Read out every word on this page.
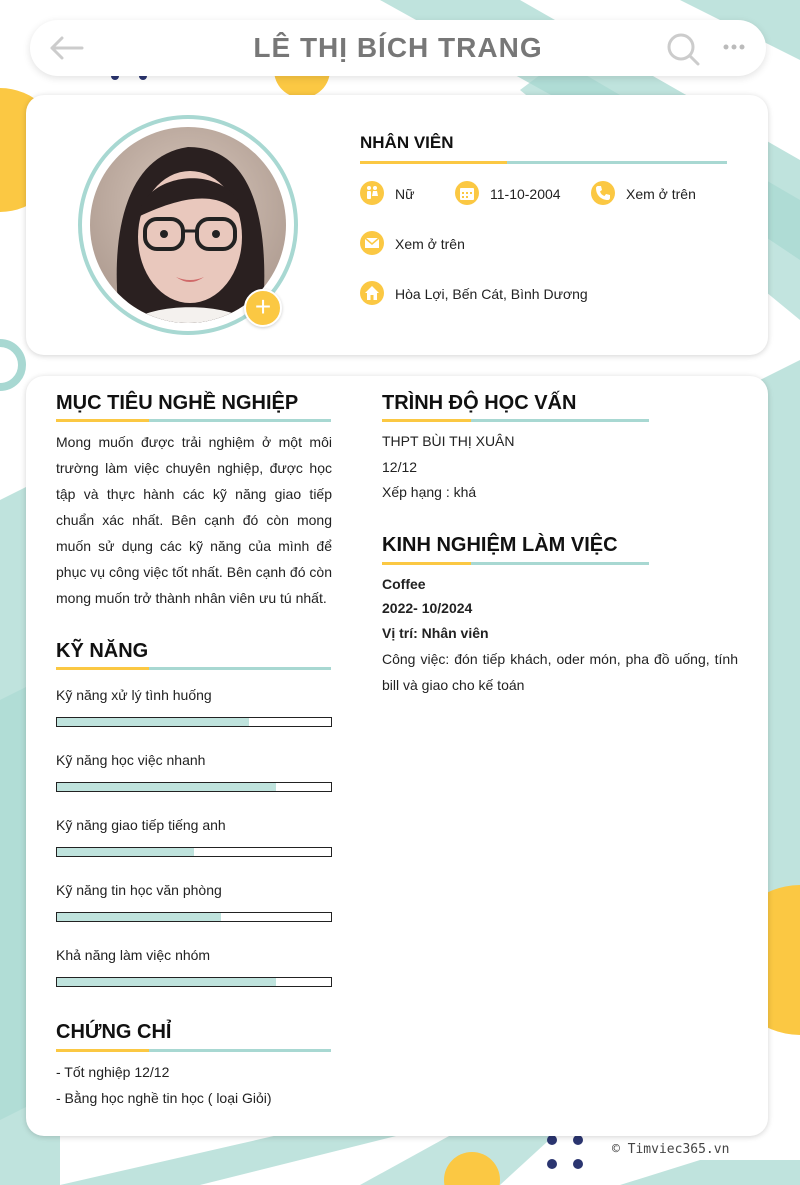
LÊ THỊ BÍCH TRANG
+
NHÂN VIÊN
Nữ	11-10-2004	Xem ở trên
Xem ở trên
Hòa Lợi, Bến Cát, Bình Dương
MỤC TIÊU NGHỀ NGHIỆP
Mong muốn được trải nghiệm ở một môi trường làm việc chuyên nghiệp, được học tập và thực hành các kỹ năng giao tiếp chuẩn xác nhất. Bên cạnh đó còn mong muốn sử dụng các kỹ năng của mình để phục vụ công việc tốt nhất. Bên cạnh đó còn mong muốn trở thành nhân viên ưu tú nhất.
KỸ NĂNG
Kỹ năng xử lý tình huống
Kỹ năng học việc nhanh
Kỹ năng giao tiếp tiếng anh
Kỹ năng tin học văn phòng
Khả năng làm việc nhóm
CHỨNG CHỈ
- Tốt nghiệp 12/12
- Bằng học nghề tin học ( loại Giỏi)
TRÌNH ĐỘ HỌC VẤN
THPT BÙI THỊ XUÂN
12/12
Xếp hạng : khá
KINH NGHIỆM LÀM VIỆC
Coffee
2022- 10/2024
Vị trí: Nhân viên
Công việc: đón tiếp khách, oder món, pha đồ uống, tính bill và giao cho kế toán
© Timviec365.vn
